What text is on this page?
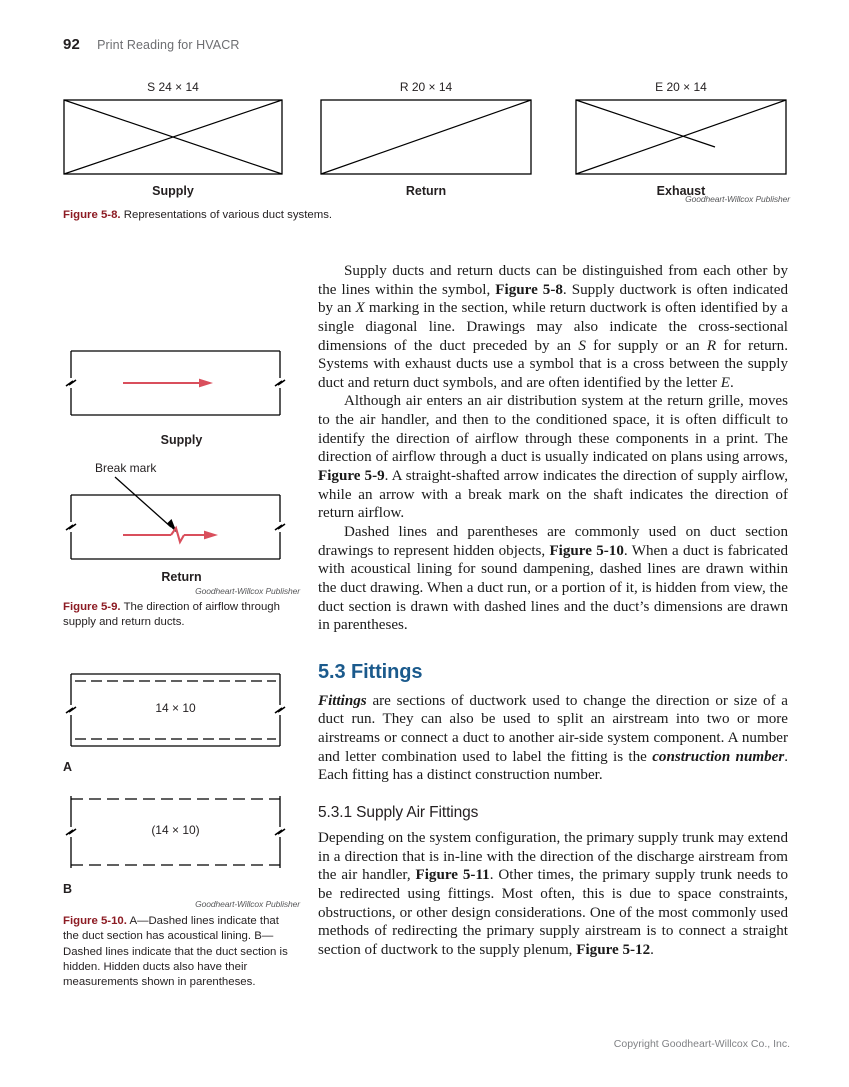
92 Print Reading for HVACR
S 24 × 14
Supply
R 20 × 14
Return
E 20 × 14
Exhaust
Goodheart-Willcox Publisher
Figure 5-8. Representations of various duct systems.
Supply
Break mark
Return
Goodheart-Willcox Publisher
Figure 5-9. The direction of airflow through supply and return ducts.
14 × 10
A
(14 × 10)
B
Goodheart-Willcox Publisher
Figure 5-10. A—Dashed lines indicate that the duct section has acoustical lining. B—Dashed lines indicate that the duct section is hidden. Hidden ducts also have their measurements shown in parentheses.

Supply ducts and return ducts can be distinguished from each other by the lines within the symbol, Figure 5-8. Supply ductwork is often indicated by an X marking in the section, while return ductwork is often identified by a single diagonal line. Drawings may also indicate the cross-sectional dimensions of the duct preceded by an S for supply or an R for return. Systems with exhaust ducts use a symbol that is a cross between the supply duct and return duct symbols, and are often identified by the letter E.

Although air enters an air distribution system at the return grille, moves to the air handler, and then to the conditioned space, it is often difficult to identify the direction of airflow through these components in a print. The direction of airflow through a duct is usually indicated on plans using arrows, Figure 5-9. A straight-shafted arrow indicates the direction of supply airflow, while an arrow with a break mark on the shaft indicates the direction of return airflow.

Dashed lines and parentheses are commonly used on duct section drawings to represent hidden objects, Figure 5-10. When a duct is fabricated with acoustical lining for sound dampening, dashed lines are drawn within the duct drawing. When a duct run, or a portion of it, is hidden from view, the duct section is drawn with dashed lines and the duct’s dimensions are drawn in parentheses.

5.3 Fittings

Fittings are sections of ductwork used to change the direction or size of a duct run. They can also be used to split an airstream into two or more airstreams or connect a duct to another air-side system component. A number and letter combination used to label the fitting is the construction number. Each fitting has a distinct construction number.

5.3.1 Supply Air Fittings

Depending on the system configuration, the primary supply trunk may extend in a direction that is in-line with the direction of the discharge airstream from the air handler, Figure 5-11. Other times, the primary supply trunk needs to be redirected using fittings. Most often, this is due to space constraints, obstructions, or other design considerations. One of the most commonly used methods of redirecting the primary supply airstream is to connect a straight section of ductwork to the supply plenum, Figure 5-12.

Copyright Goodheart-Willcox Co., Inc.
